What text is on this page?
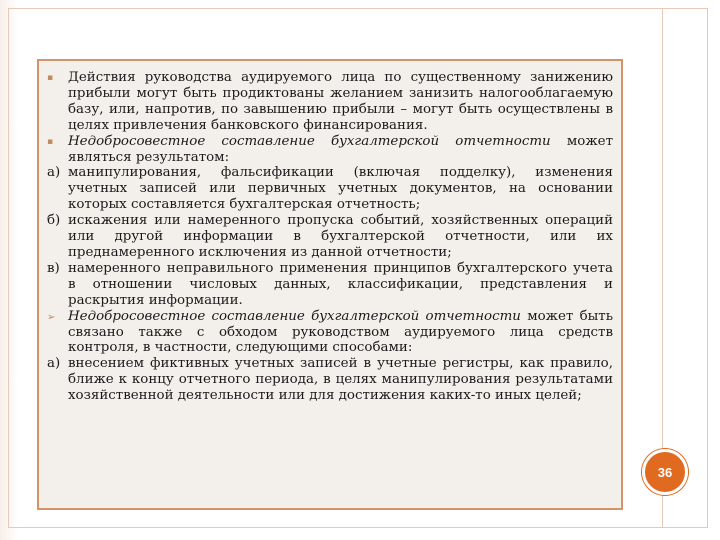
▪ Действия руководства аудируемого лица по существенному занижению прибыли могут быть продиктованы желанием занизить налогооблагаемую базу, или, напротив, по завышению прибыли – могут быть осуществлены в целях привлечения банковского финансирования.
▪ Недобросовестное составление бухгалтерской отчетности может являться результатом:
а) манипулирования, фальсификации (включая подделку), изменения учетных записей или первичных учетных документов, на основании которых составляется бухгалтерская отчетность;
б) искажения или намеренного пропуска событий, хозяйственных операций или другой информации в бухгалтерской отчетности, или их преднамеренного исключения из данной отчетности;
в) намеренного неправильного применения принципов бухгалтерского учета в отношении числовых данных, классификации, представления и раскрытия информации.
➢ Недобросовестное составление бухгалтерской отчетности может быть связано также с обходом руководством аудируемого лица средств контроля, в частности, следующими способами:
а) внесением фиктивных учетных записей в учетные регистры, как правило, ближе к концу отчетного периода, в целях манипулирования результатами хозяйственной деятельности или для достижения каких-то иных целей;
36
